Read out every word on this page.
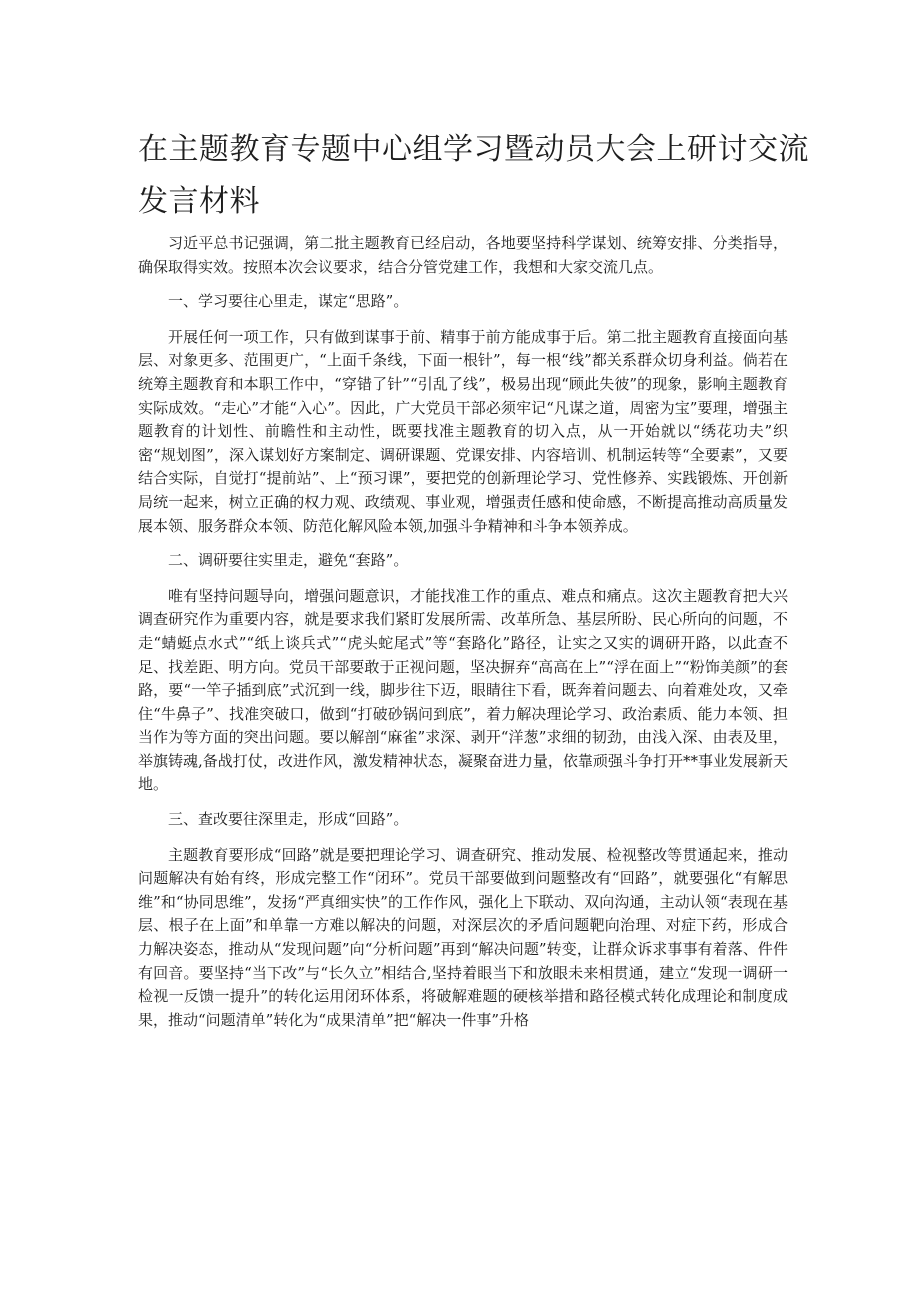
在主题教育专题中心组学习暨动员大会上研讨交流
发言材料

习近平总书记强调，第二批主题教育已经启动，各地要坚持科学谋划、统筹安排、分类指导，确保取得实效。按照本次会议要求，结合分管党建工作，我想和大家交流几点。

一、学习要往心里走，谋定“思路”。

开展任何一项工作，只有做到谋事于前、精事于前方能成事于后。第二批主题教育直接面向基层、对象更多、范围更广，“上面千条线，下面一根针”，每一根“线”都关系群众切身利益。倘若在统筹主题教育和本职工作中，“穿错了针”“引乱了线”，极易出现“顾此失彼”的现象，影响主题教育实际成效。“走心”才能“入心”。因此，广大党员干部必须牢记“凡谋之道，周密为宝”要理，增强主题教育的计划性、前瞻性和主动性，既要找准主题教育的切入点，从一开始就以“绣花功夫”织密“规划图”，深入谋划好方案制定、调研课题、党课安排、内容培训、机制运转等“全要素”，又要结合实际，自觉打“提前站”、上“预习课”，要把党的创新理论学习、党性修养、实践锻炼、开创新局统一起来，树立正确的权力观、政绩观、事业观，增强责任感和使命感，不断提高推动高质量发展本领、服务群众本领、防范化解风险本领,加强斗争精神和斗争本领养成。

二、调研要往实里走，避免“套路”。

唯有坚持问题导向，增强问题意识，才能找准工作的重点、难点和痛点。这次主题教育把大兴调查研究作为重要内容，就是要求我们紧盯发展所需、改革所急、基层所盼、民心所向的问题，不走“蜻蜓点水式”“纸上谈兵式”“虎头蛇尾式”等“套路化”路径，让实之又实的调研开路，以此查不足、找差距、明方向。党员干部要敢于正视问题，坚决摒弃“高高在上”“浮在面上”“粉饰美颜”的套路，要“一竿子插到底”式沉到一线，脚步往下迈，眼睛往下看，既奔着问题去、向着难处攻，又牵住“牛鼻子”、找准突破口，做到“打破砂锅问到底”，着力解决理论学习、政治素质、能力本领、担当作为等方面的突出问题。要以解剖“麻雀”求深、剥开“洋葱”求细的韧劲，由浅入深、由表及里，举旗铸魂,备战打仗，改进作风，激发精神状态，凝聚奋进力量，依靠顽强斗争打开**事业发展新天地。

三、查改要往深里走，形成“回路”。

主题教育要形成“回路”就是要把理论学习、调查研究、推动发展、检视整改等贯通起来，推动问题解决有始有终，形成完整工作“闭环”。党员干部要做到问题整改有“回路”，就要强化“有解思维”和“协同思维”，发扬“严真细实快”的工作作风，强化上下联动、双向沟通，主动认领“表现在基层、根子在上面”和单靠一方难以解决的问题，对深层次的矛盾问题靶向治理、对症下药，形成合力解决姿态，推动从“发现问题”向“分析问题”再到“解决问题”转变，让群众诉求事事有着落、件件有回音。要坚持“当下改”与“长久立”相结合,坚持着眼当下和放眼未来相贯通，建立“发现一调研一检视一反馈一提升”的转化运用闭环体系，将破解难题的硬核举措和路径模式转化成理论和制度成果，推动“问题清单”转化为“成果清单”把“解决一件事”升格
